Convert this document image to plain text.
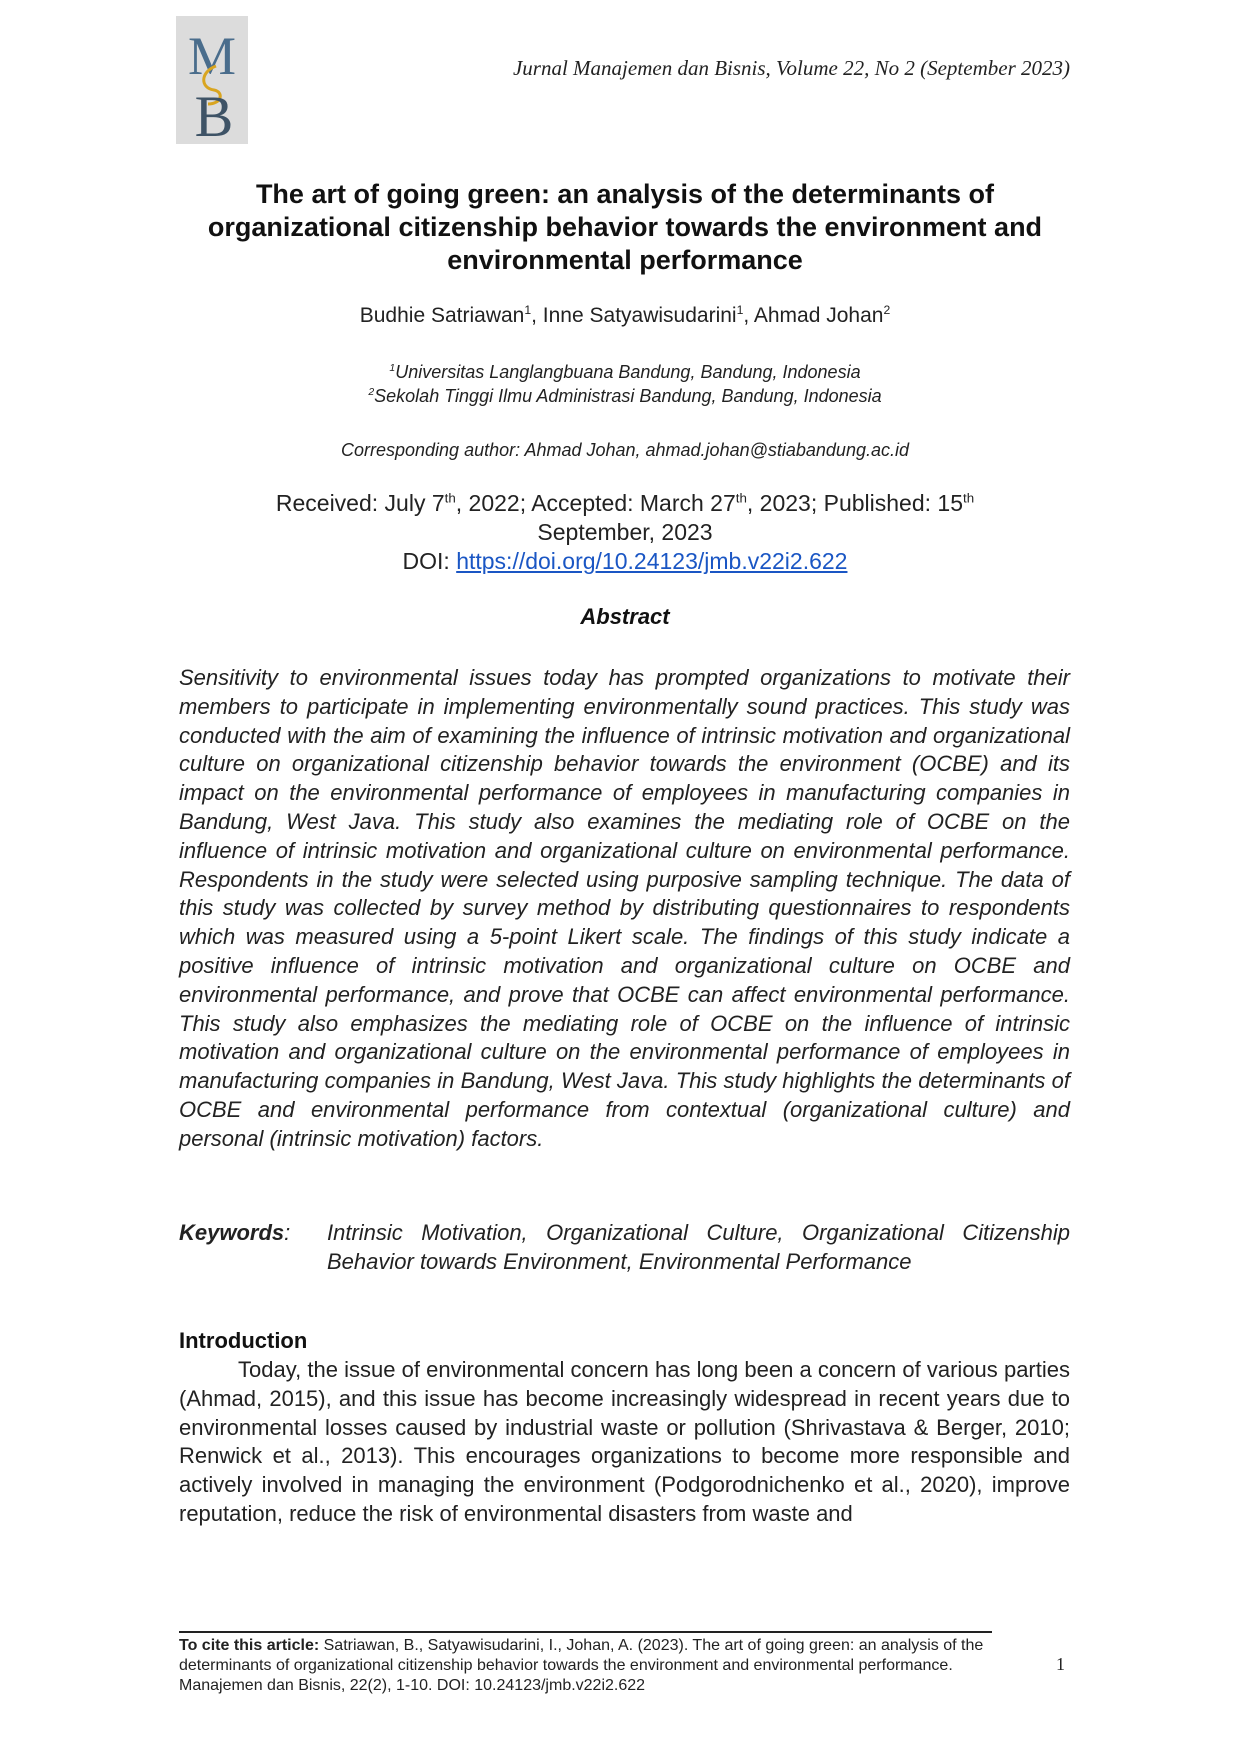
M
B
Jurnal Manajemen dan Bisnis, Volume 22, No 2 (September 2023)
The art of going green: an analysis of the determinants of organizational citizenship behavior towards the environment and environmental performance
Budhie Satriawan$^1$, Inne Satyawisudarini$^1$, Ahmad Johan$^2$
$^1$Universitas Langlangbuana Bandung, Bandung, Indonesia
$^2$Sekolah Tinggi Ilmu Administrasi Bandung, Bandung, Indonesia
Corresponding author: Ahmad Johan, ahmad.johan@stiabandung.ac.id
Received: July 7th, 2022; Accepted: March 27th, 2023; Published: 15th September, 2023
DOI: https://doi.org/10.24123/jmb.v22i2.622
Abstract

Sensitivity to environmental issues today has prompted organizations to motivate their members to participate in implementing environmentally sound practices. This study was conducted with the aim of examining the influence of intrinsic motivation and organizational culture on organizational citizenship behavior towards the environment (OCBE) and its impact on the environmental performance of employees in manufacturing companies in Bandung, West Java. This study also examines the mediating role of OCBE on the influence of intrinsic motivation and organizational culture on environmental performance. Respondents in the study were selected using purposive sampling technique. The data of this study was collected by survey method by distributing questionnaires to respondents which was measured using a 5-point Likert scale. The findings of this study indicate a positive influence of intrinsic motivation and organizational culture on OCBE and environmental performance, and prove that OCBE can affect environmental performance. This study also emphasizes the mediating role of OCBE on the influence of intrinsic motivation and organizational culture on the environmental performance of employees in manufacturing companies in Bandung, West Java. This study highlights the determinants of OCBE and environmental performance from contextual (organizational culture) and personal (intrinsic motivation) factors.

Keywords: Intrinsic Motivation, Organizational Culture, Organizational Citizenship Behavior towards Environment, Environmental Performance
Introduction

Today, the issue of environmental concern has long been a concern of various parties (Ahmad, 2015), and this issue has become increasingly widespread in recent years due to environmental losses caused by industrial waste or pollution (Shrivastava & Berger, 2010; Renwick et al., 2013). This encourages organizations to become more responsible and actively involved in managing the environment (Podgorodnichenko et al., 2020), improve reputation, reduce the risk of environmental disasters from waste and

To cite this article: Satriawan, B., Satyawisudarini, I., Johan, A. (2023). The art of going green: an analysis of the determinants of organizational citizenship behavior towards the environment and environmental performance. Manajemen dan Bisnis, 22(2), 1-10. DOI: 10.24123/jmb.v22i2.622
1
